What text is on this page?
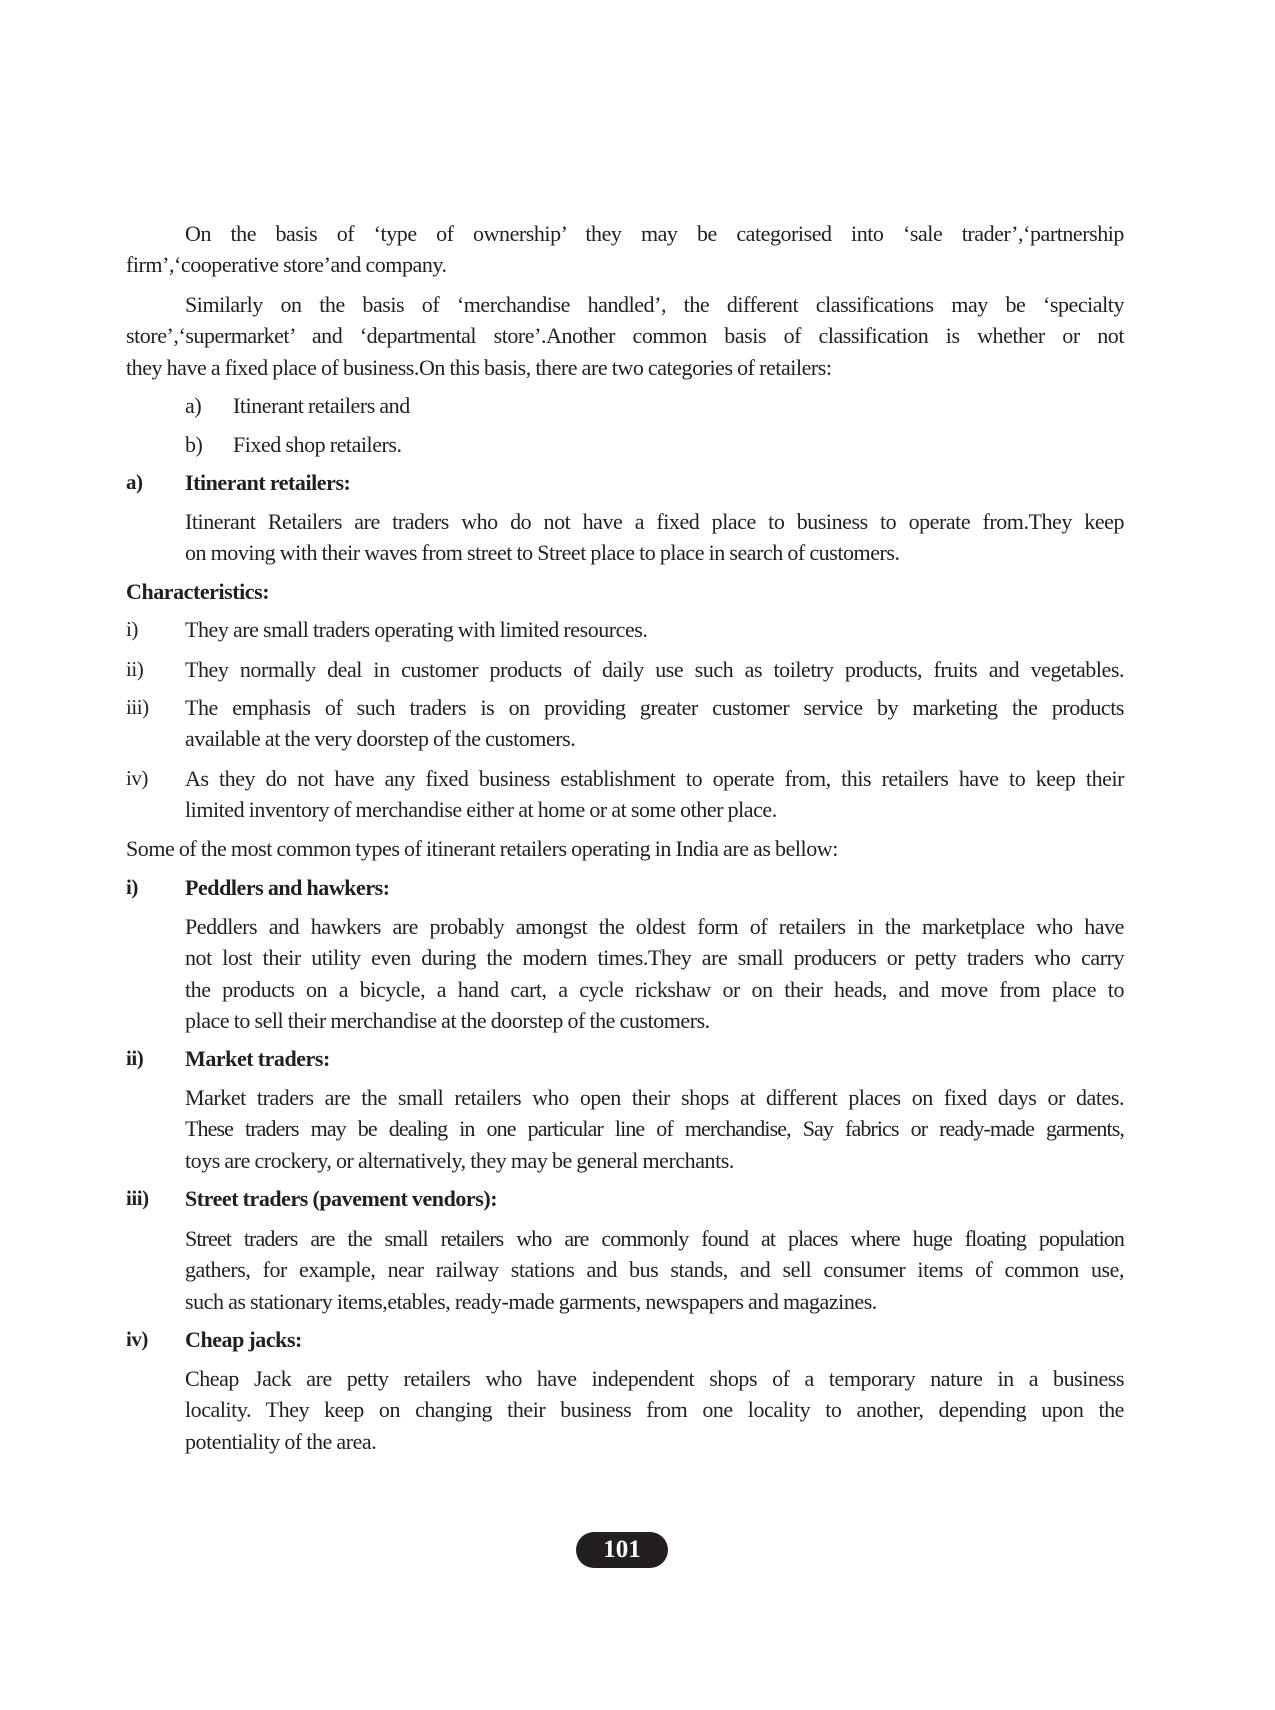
On the basis of ‘type of ownership’ they may be categorised into ‘sale trader’,‘partnership
firm’,‘cooperative store’and company.
Similarly on the basis of ‘merchandise handled’, the different classifications may be ‘specialty
store’,‘supermarket’ and ‘departmental store’.Another common basis of classification is whether or not
they have a fixed place of business.On this basis, there are two categories of retailers:
a)	Itinerant retailers and
b)	Fixed shop retailers.
a) Itinerant retailers:
Itinerant Retailers are traders who do not have a fixed place to business to operate from.They keep
on moving with their waves from street to Street place to place in search of customers.
Characteristics:
i) They are small traders operating with limited resources.
ii) They normally deal in customer products of daily use such as toiletry products, fruits and vegetables.
iii) The emphasis of such traders is on providing greater customer service by marketing the products
available at the very doorstep of the customers.
iv) As they do not have any fixed business establishment to operate from, this retailers have to keep their
limited inventory of merchandise either at home or at some other place.
Some of the most common types of itinerant retailers operating in India are as bellow:
i) Peddlers and hawkers:
Peddlers and hawkers are probably amongst the oldest form of retailers in the marketplace who have
not lost their utility even during the modern times.They are small producers or petty traders who carry
the products on a bicycle, a hand cart, a cycle rickshaw or on their heads, and move from place to
place to sell their merchandise at the doorstep of the customers.
ii) Market traders:
Market traders are the small retailers who open their shops at different places on fixed days or dates.
These traders may be dealing in one particular line of merchandise, Say fabrics or ready-made garments,
toys are crockery, or alternatively, they may be general merchants.
iii) Street traders (pavement vendors):
Street traders are the small retailers who are commonly found at places where huge floating population
gathers, for example, near railway stations and bus stands, and sell consumer items of common use,
such as stationary items,etables, ready-made garments, newspapers and magazines.
iv) Cheap jacks:
Cheap Jack are petty retailers who have independent shops of a temporary nature in a business
locality. They keep on changing their business from one locality to another, depending upon the
potentiality of the area.
101
